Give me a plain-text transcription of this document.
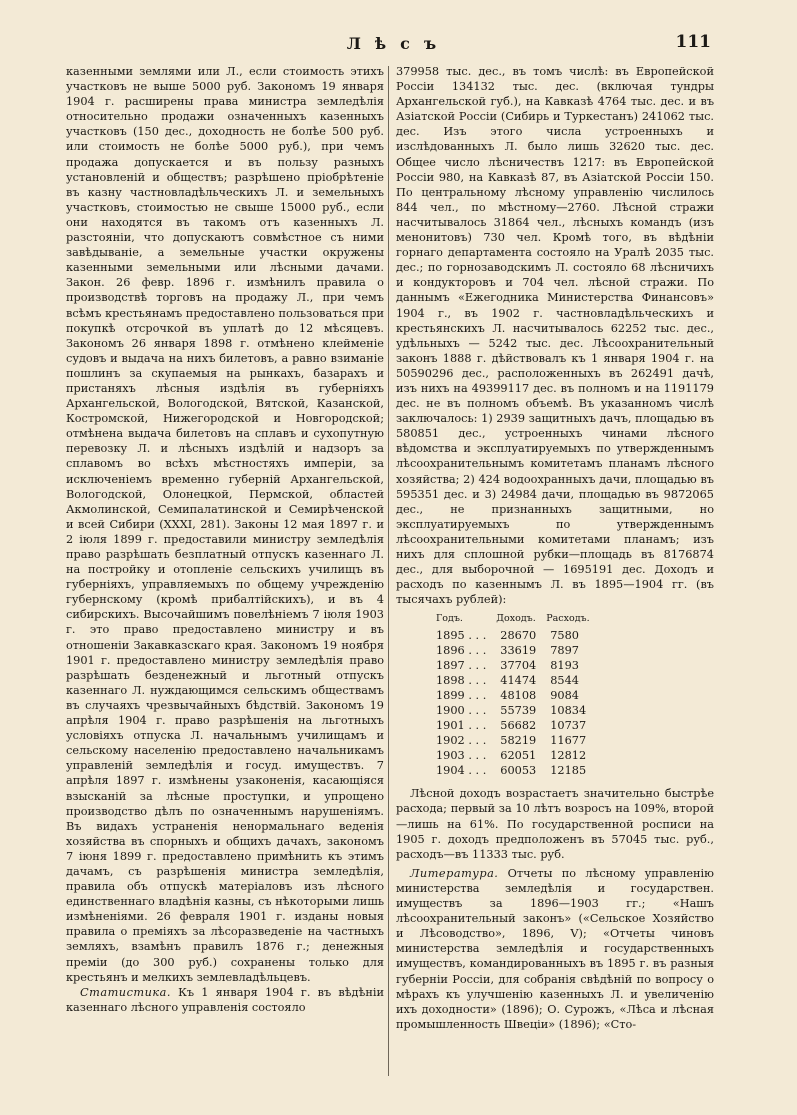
Лѣсъ	111

казенными землями или Л., если стоимость этихъ участковъ не выше 5000 руб. Закономъ 19 января 1904 г. расширены права министра земледѣлія относительно продажи означенныхъ казенныхъ участковъ (150 дес., доходность не болѣе 500 руб. или стоимость не болѣе 5000 руб.), при чемъ продажа допускается и въ пользу разныхъ установленій и обществъ; разрѣшено пріобрѣтеніе въ казну частновладѣльческихъ Л. и земельныхъ участковъ, стоимостью не свыше 15000 руб., если они находятся въ такомъ отъ казенныхъ Л. разстояніи, что допускаютъ совмѣстное съ ними завѣдываніе, а земельные участки окружены казенными земельными или лѣсными дачами. Закон. 26 февр. 1896 г. измѣнилъ правила о производствѣ торговъ на продажу Л., при чемъ всѣмъ крестьянамъ предоставлено пользоваться при покупкѣ отсрочкой въ уплатѣ до 12 мѣсяцевъ. Закономъ 26 января 1898 г. отмѣнено клейменіе судовъ и выдача на нихъ билетовъ, а равно взиманіе пошлинъ за скупаемыя на рынкахъ, базарахъ и пристаняхъ лѣсныя издѣлія въ губерніяхъ Архангельской, Вологодской, Вятской, Казанской, Костромской, Нижегородской и Новгородской; отмѣнена выдача билетовъ на сплавъ и сухопутную перевозку Л. и лѣсныхъ издѣлій и надзоръ за сплавомъ во всѣхъ мѣстностяхъ имперіи, за исключеніемъ временно губерній Архангельской, Вологодской, Олонецкой, Пермской, областей Акмолинской, Семипалатинской и Семирѣченской и всей Сибири (XXXI, 281). Законы 12 мая 1897 г. и 2 іюля 1899 г. предоставили министру земледѣлія право разрѣшать безплатный отпускъ казеннаго Л. на постройку и отопленіе сельскихъ училищъ въ губерніяхъ, управляемыхъ по общему учрежденію губернскому (кромѣ прибалтійскихъ), и въ 4 сибирскихъ. Высочайшимъ повелѣніемъ 7 іюля 1903 г. это право предоставлено министру и въ отношеніи Закавказскаго края. Закономъ 19 ноября 1901 г. предоставлено министру земледѣлія право разрѣшать безденежный и льготный отпускъ казеннаго Л. нуждающимся сельскимъ обществамъ въ случаяхъ чрезвычайныхъ бѣдствій. Закономъ 19 апрѣля 1904 г. право разрѣшенія на льготныхъ условіяхъ отпуска Л. начальнымъ училищамъ и сельскому населенію предоставлено начальникамъ управленій земледѣлія и госуд. имуществъ. 7 апрѣля 1897 г. измѣнены узаконенія, касающіяся взысканій за лѣсные проступки, и упрощено производство дѣлъ по означеннымъ нарушеніямъ. Въ видахъ устраненія ненормальнаго веденія хозяйства въ спорныхъ и общихъ дачахъ, закономъ 7 іюня 1899 г. предоставлено примѣнить къ этимъ дачамъ, съ разрѣшенія министра земледѣлія, правила объ отпускѣ матеріаловъ изъ лѣсного единственнаго владѣнія казны, съ нѣкоторыми лишь измѣненіями. 26 февраля 1901 г. изданы новыя правила о преміяхъ за лѣсоразведеніе на частныхъ земляхъ, взамѣнъ правилъ 1876 г.; денежныя преміи (до 300 руб.) сохранены только для крестьянъ и мелкихъ землевладѣльцевъ.

Статистика. Къ 1 января 1904 г. въ вѣдѣніи казеннаго лѣсного управленія состояло

379958 тыс. дес., въ томъ числѣ: въ Европейской Россіи 134132 тыс. дес. (включая тундры Архангельской губ.), на Кавказѣ 4764 тыс. дес. и въ Азіатской Россіи (Сибирь и Туркестанъ) 241062 тыс. дес. Изъ этого числа устроенныхъ и изслѣдованныхъ Л. было лишь 32620 тыс. дес. Общее число лѣсничествъ 1217: въ Европейской Россіи 980, на Кавказѣ 87, въ Азіатской Россіи 150. По центральному лѣсному управленію числилось 844 чел., по мѣстному—2760. Лѣсной стражи насчитывалось 31864 чел., лѣсныхъ командъ (изъ менонитовъ) 730 чел. Кромѣ того, въ вѣдѣніи горнаго департамента состояло на Уралѣ 2035 тыс. дес.; по горнозаводскимъ Л. состояло 68 лѣсничихъ и кондукторовъ и 704 чел. лѣсной стражи. По даннымъ «Ежегодника Министерства Финансовъ» 1904 г., въ 1902 г. частновладѣльческихъ и крестьянскихъ Л. насчитывалось 62252 тыс. дес., удѣльныхъ — 5242 тыс. дес. Лѣсоохранительный законъ 1888 г. дѣйствовалъ къ 1 января 1904 г. на 50590296 дес., расположенныхъ въ 262491 дачѣ, изъ нихъ на 49399117 дес. въ полномъ и на 1191179 дес. не въ полномъ объемѣ. Въ указанномъ числѣ заключалось: 1) 2939 защитныхъ дачъ, площадью въ 580851 дес., устроенныхъ чинами лѣсного вѣдомства и эксплуатируемыхъ по утвержденнымъ лѣсоохранительнымъ комитетамъ планамъ лѣсного хозяйства; 2) 424 водоохранныхъ дачи, площадью въ 595351 дес. и 3) 24984 дачи, площадью въ 9872065 дес., не признанныхъ защитными, но эксплуатируемыхъ по утвержденнымъ лѣсоохранительными комитетами планамъ; изъ нихъ для сплошной рубки—площадь въ 8176874 дес., для выборочной — 1695191 дес. Доходъ и расходъ по казеннымъ Л. въ 1895—1904 гг. (въ тысячахъ рублей):

Годъ.	Доходъ.	Расходъ.
1895 . . .	28670	7580
1896 . . .	33619	7897
1897 . . .	37704	8193
1898 . . .	41474	8544
1899 . . .	48108	9084
1900 . . .	55739	10834
1901 . . .	56682	10737
1902 . . .	58219	11677
1903 . . .	62051	12812
1904 . . .	60053	12185

Лѣсной доходъ возрастаетъ значительно быстрѣе расхода; первый за 10 лѣтъ возросъ на 109%, второй—лишь на 61%. По государственной росписи на 1905 г. доходъ предположенъ въ 57045 тыс. руб., расходъ—въ 11333 тыс. руб.

Литература. Отчеты по лѣсному управленію министерства земледѣлія и государствен. имуществъ за 1896—1903 гг.; «Нашъ лѣсоохранительный законъ» («Сельское Хозяйство и Лѣсоводство», 1896, V); «Отчеты чиновъ министерства земледѣлія и государственныхъ имуществъ, командированныхъ въ 1895 г. въ разныя губерніи Россіи, для собранія свѣдѣній по вопросу о мѣрахъ къ улучшенію казенныхъ Л. и увеличенію ихъ доходности» (1896); О. Сурожъ, «Лѣса и лѣсная промышленность Швеціи» (1896); «Сто-
